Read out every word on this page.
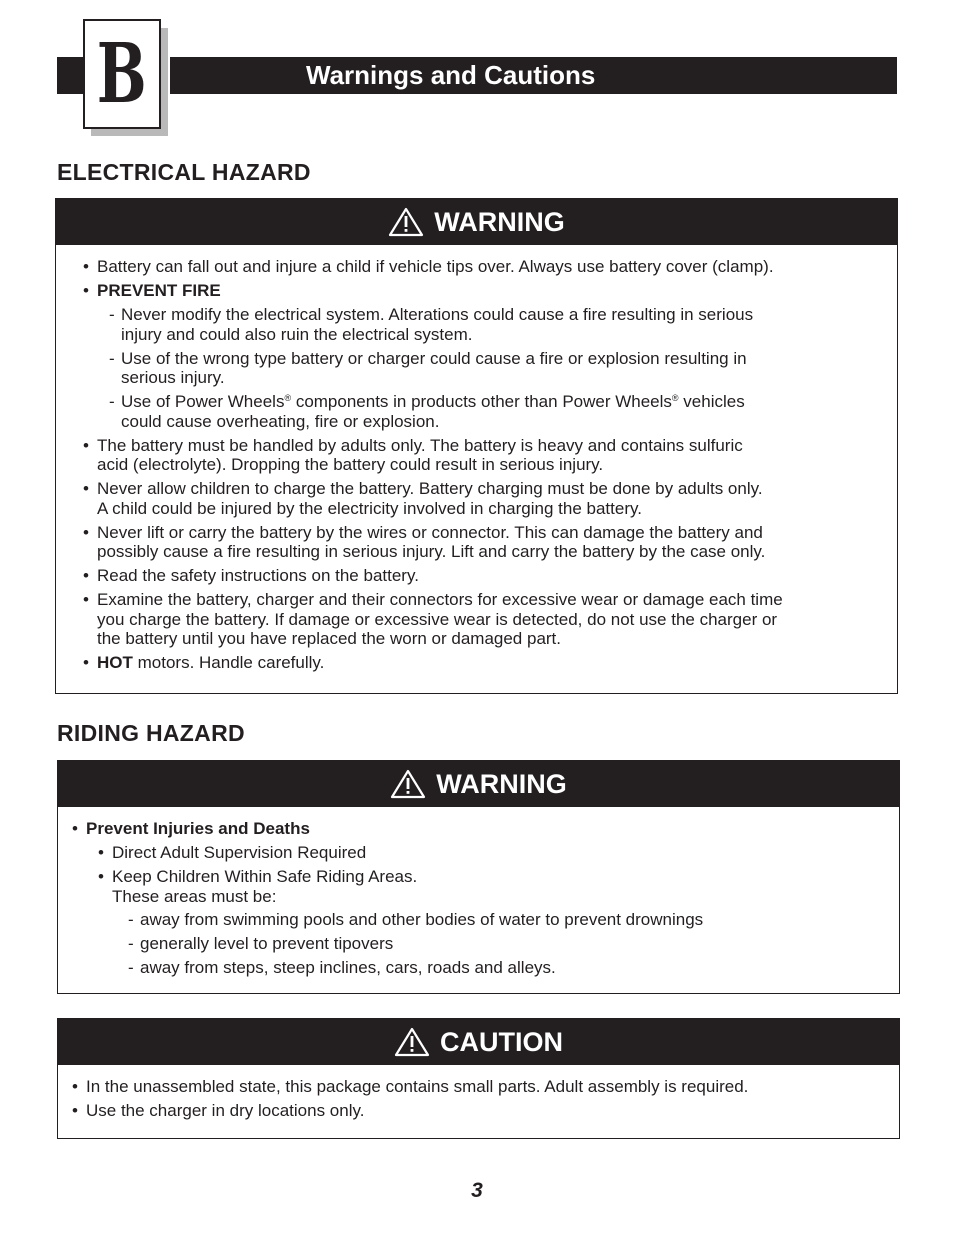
B	Warnings and Cautions
ELECTRICAL HAZARD
WARNING
• Battery can fall out and injure a child if vehicle tips over. Always use battery cover (clamp).
• PREVENT FIRE
- Never modify the electrical system. Alterations could cause a fire resulting in serious
injury and could also ruin the electrical system.
- Use of the wrong type battery or charger could cause a fire or explosion resulting in
serious injury.
- Use of Power Wheels® components in products other than Power Wheels® vehicles
could cause overheating, fire or explosion.
• The battery must be handled by adults only. The battery is heavy and contains sulfuric
acid (electrolyte). Dropping the battery could result in serious injury.
• Never allow children to charge the battery. Battery charging must be done by adults only.
A child could be injured by the electricity involved in charging the battery.
• Never lift or carry the battery by the wires or connector. This can damage the battery and
possibly cause a fire resulting in serious injury. Lift and carry the battery by the case only.
• Read the safety instructions on the battery.
• Examine the battery, charger and their connectors for excessive wear or damage each time
you charge the battery. If damage or excessive wear is detected, do not use the charger or
the battery until you have replaced the worn or damaged part.
• HOT motors. Handle carefully.
RIDING HAZARD
WARNING
• Prevent Injuries and Deaths
• Direct Adult Supervision Required
• Keep Children Within Safe Riding Areas.
These areas must be:
- away from swimming pools and other bodies of water to prevent drownings
- generally level to prevent tipovers
- away from steps, steep inclines, cars, roads and alleys.
CAUTION
• In the unassembled state, this package contains small parts. Adult assembly is required.
• Use the charger in dry locations only.
3
